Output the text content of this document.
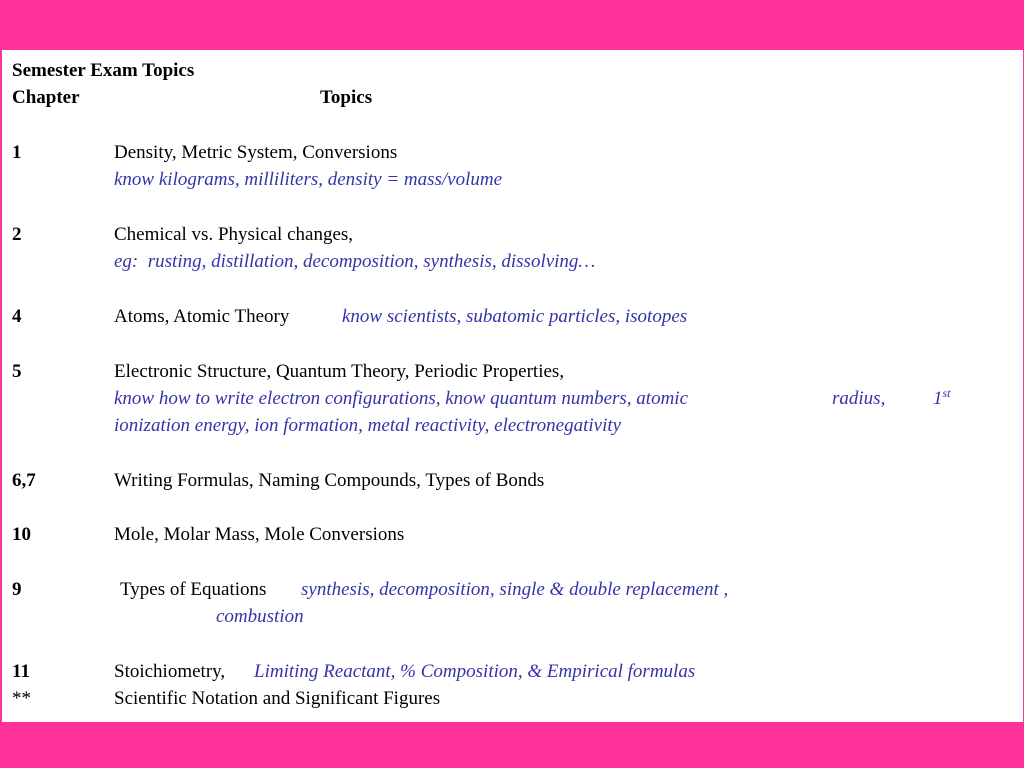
Semester Exam Topics
Chapter	Topics
1	Density, Metric System, Conversions
know kilograms, milliliters, density = mass/volume
2	Chemical vs. Physical changes,
eg:  rusting, distillation, decomposition, synthesis, dissolving…
4	Atoms, Atomic Theory	know scientists, subatomic particles, isotopes
5	Electronic Structure, Quantum Theory, Periodic Properties,
know how to write electron configurations, know quantum numbers, atomic	radius,	1st
ionization energy, ion formation, metal reactivity, electronegativity
6,7	Writing Formulas, Naming Compounds, Types of Bonds
10	Mole, Molar Mass, Mole Conversions
9	Types of Equations synthesis, decomposition, single & double replacement ,
combustion
11	Stoichiometry, Limiting Reactant, % Composition, & Empirical formulas
**	Scientific Notation and Significant Figures
